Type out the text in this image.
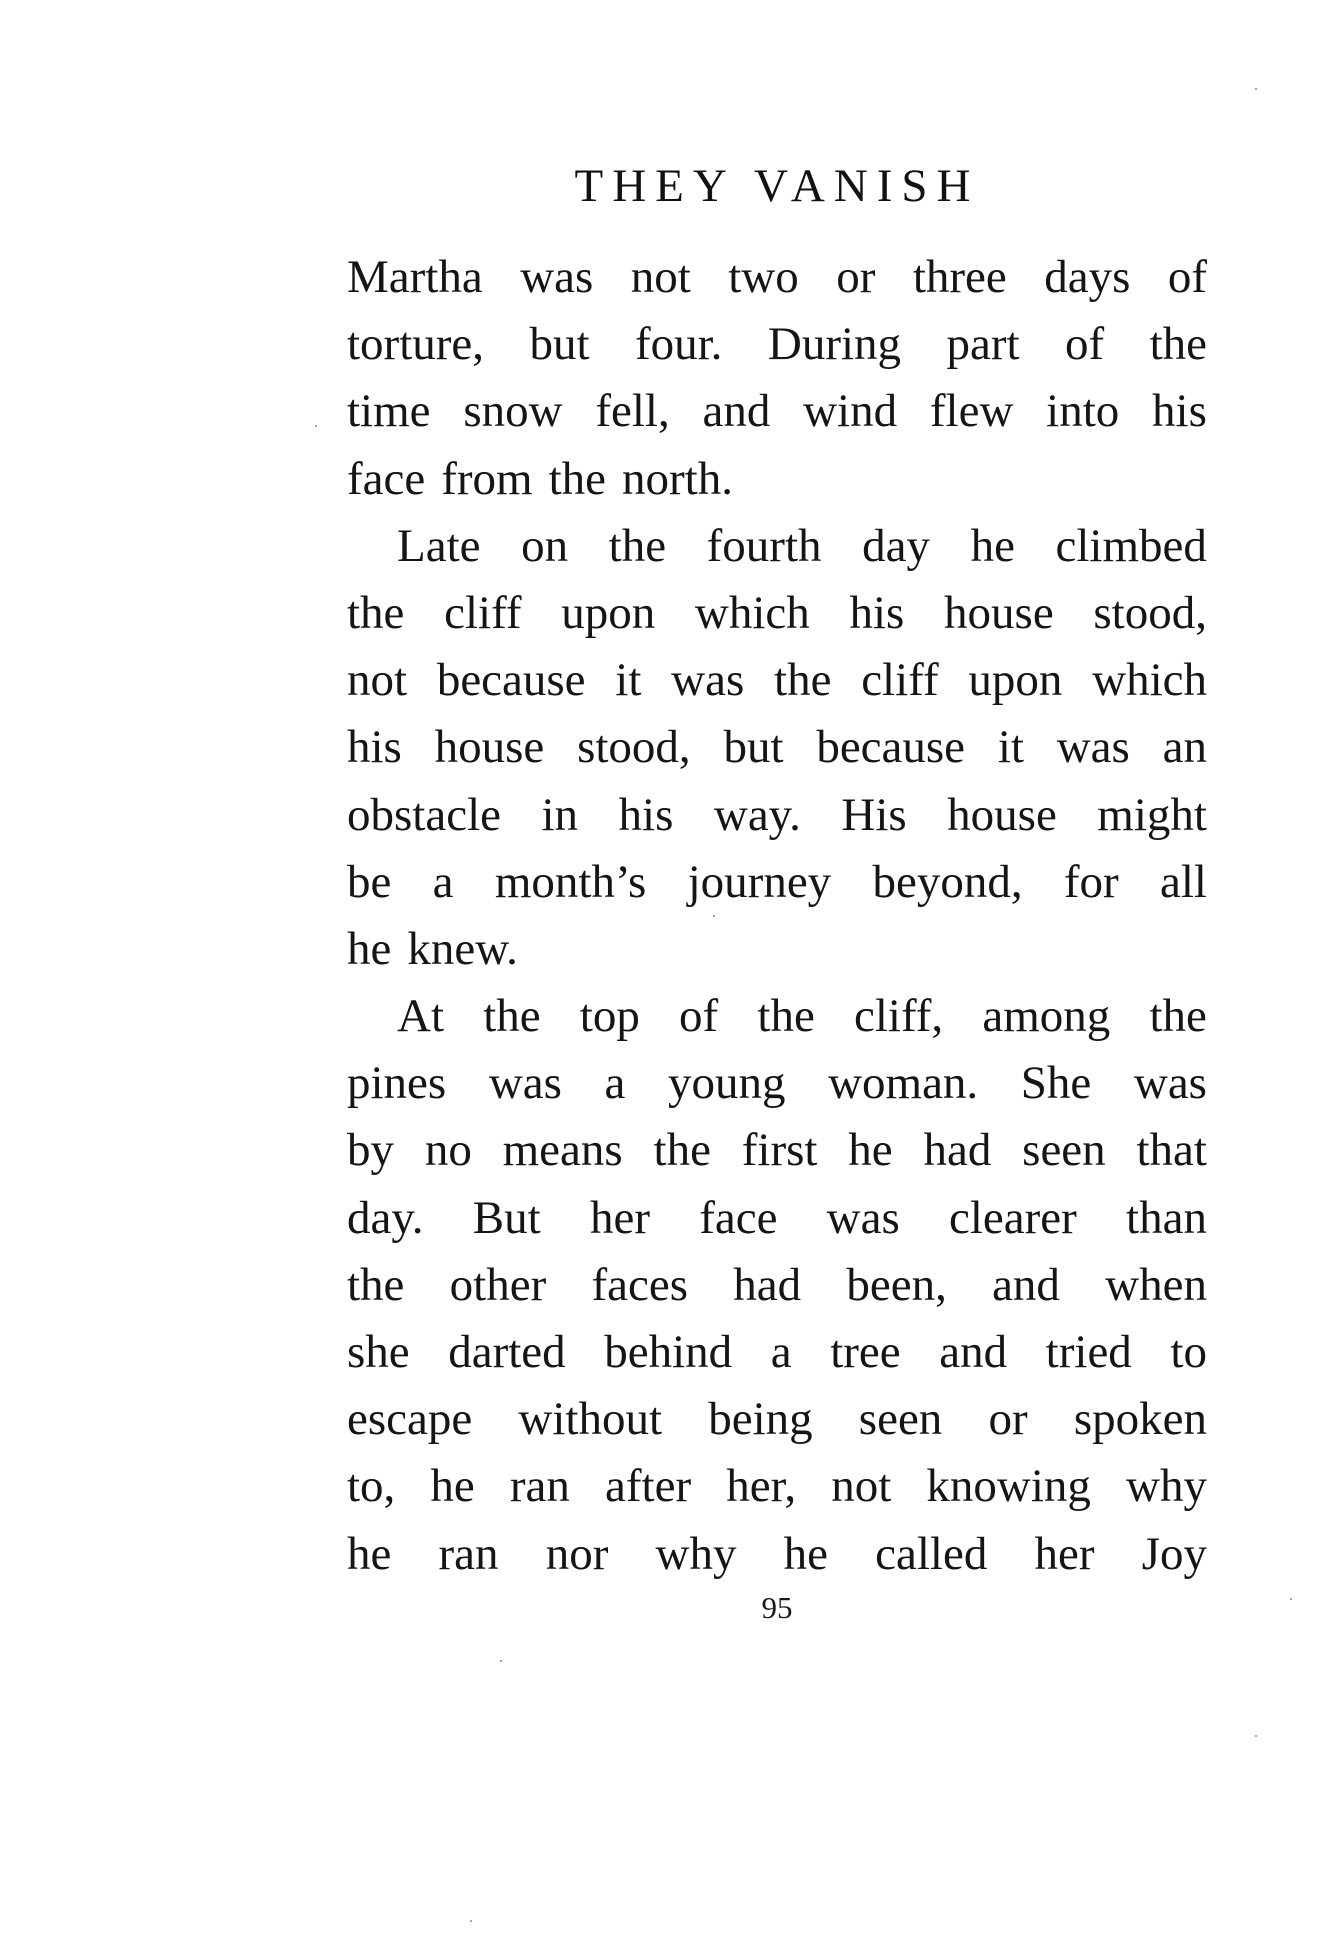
THEY VANISH
Martha was not two or three days of
torture, but four. During part of the
time snow fell, and wind flew into his
face from the north.
Late on the fourth day he climbed
the cliff upon which his house stood,
not because it was the cliff upon which
his house stood, but because it was an
obstacle in his way. His house might
be a month’s journey beyond, for all
he knew.
At the top of the cliff, among the
pines was a young woman. She was
by no means the first he had seen that
day. But her face was clearer than
the other faces had been, and when
she darted behind a tree and tried to
escape without being seen or spoken
to, he ran after her, not knowing why
he ran nor why he called her Joy
95
